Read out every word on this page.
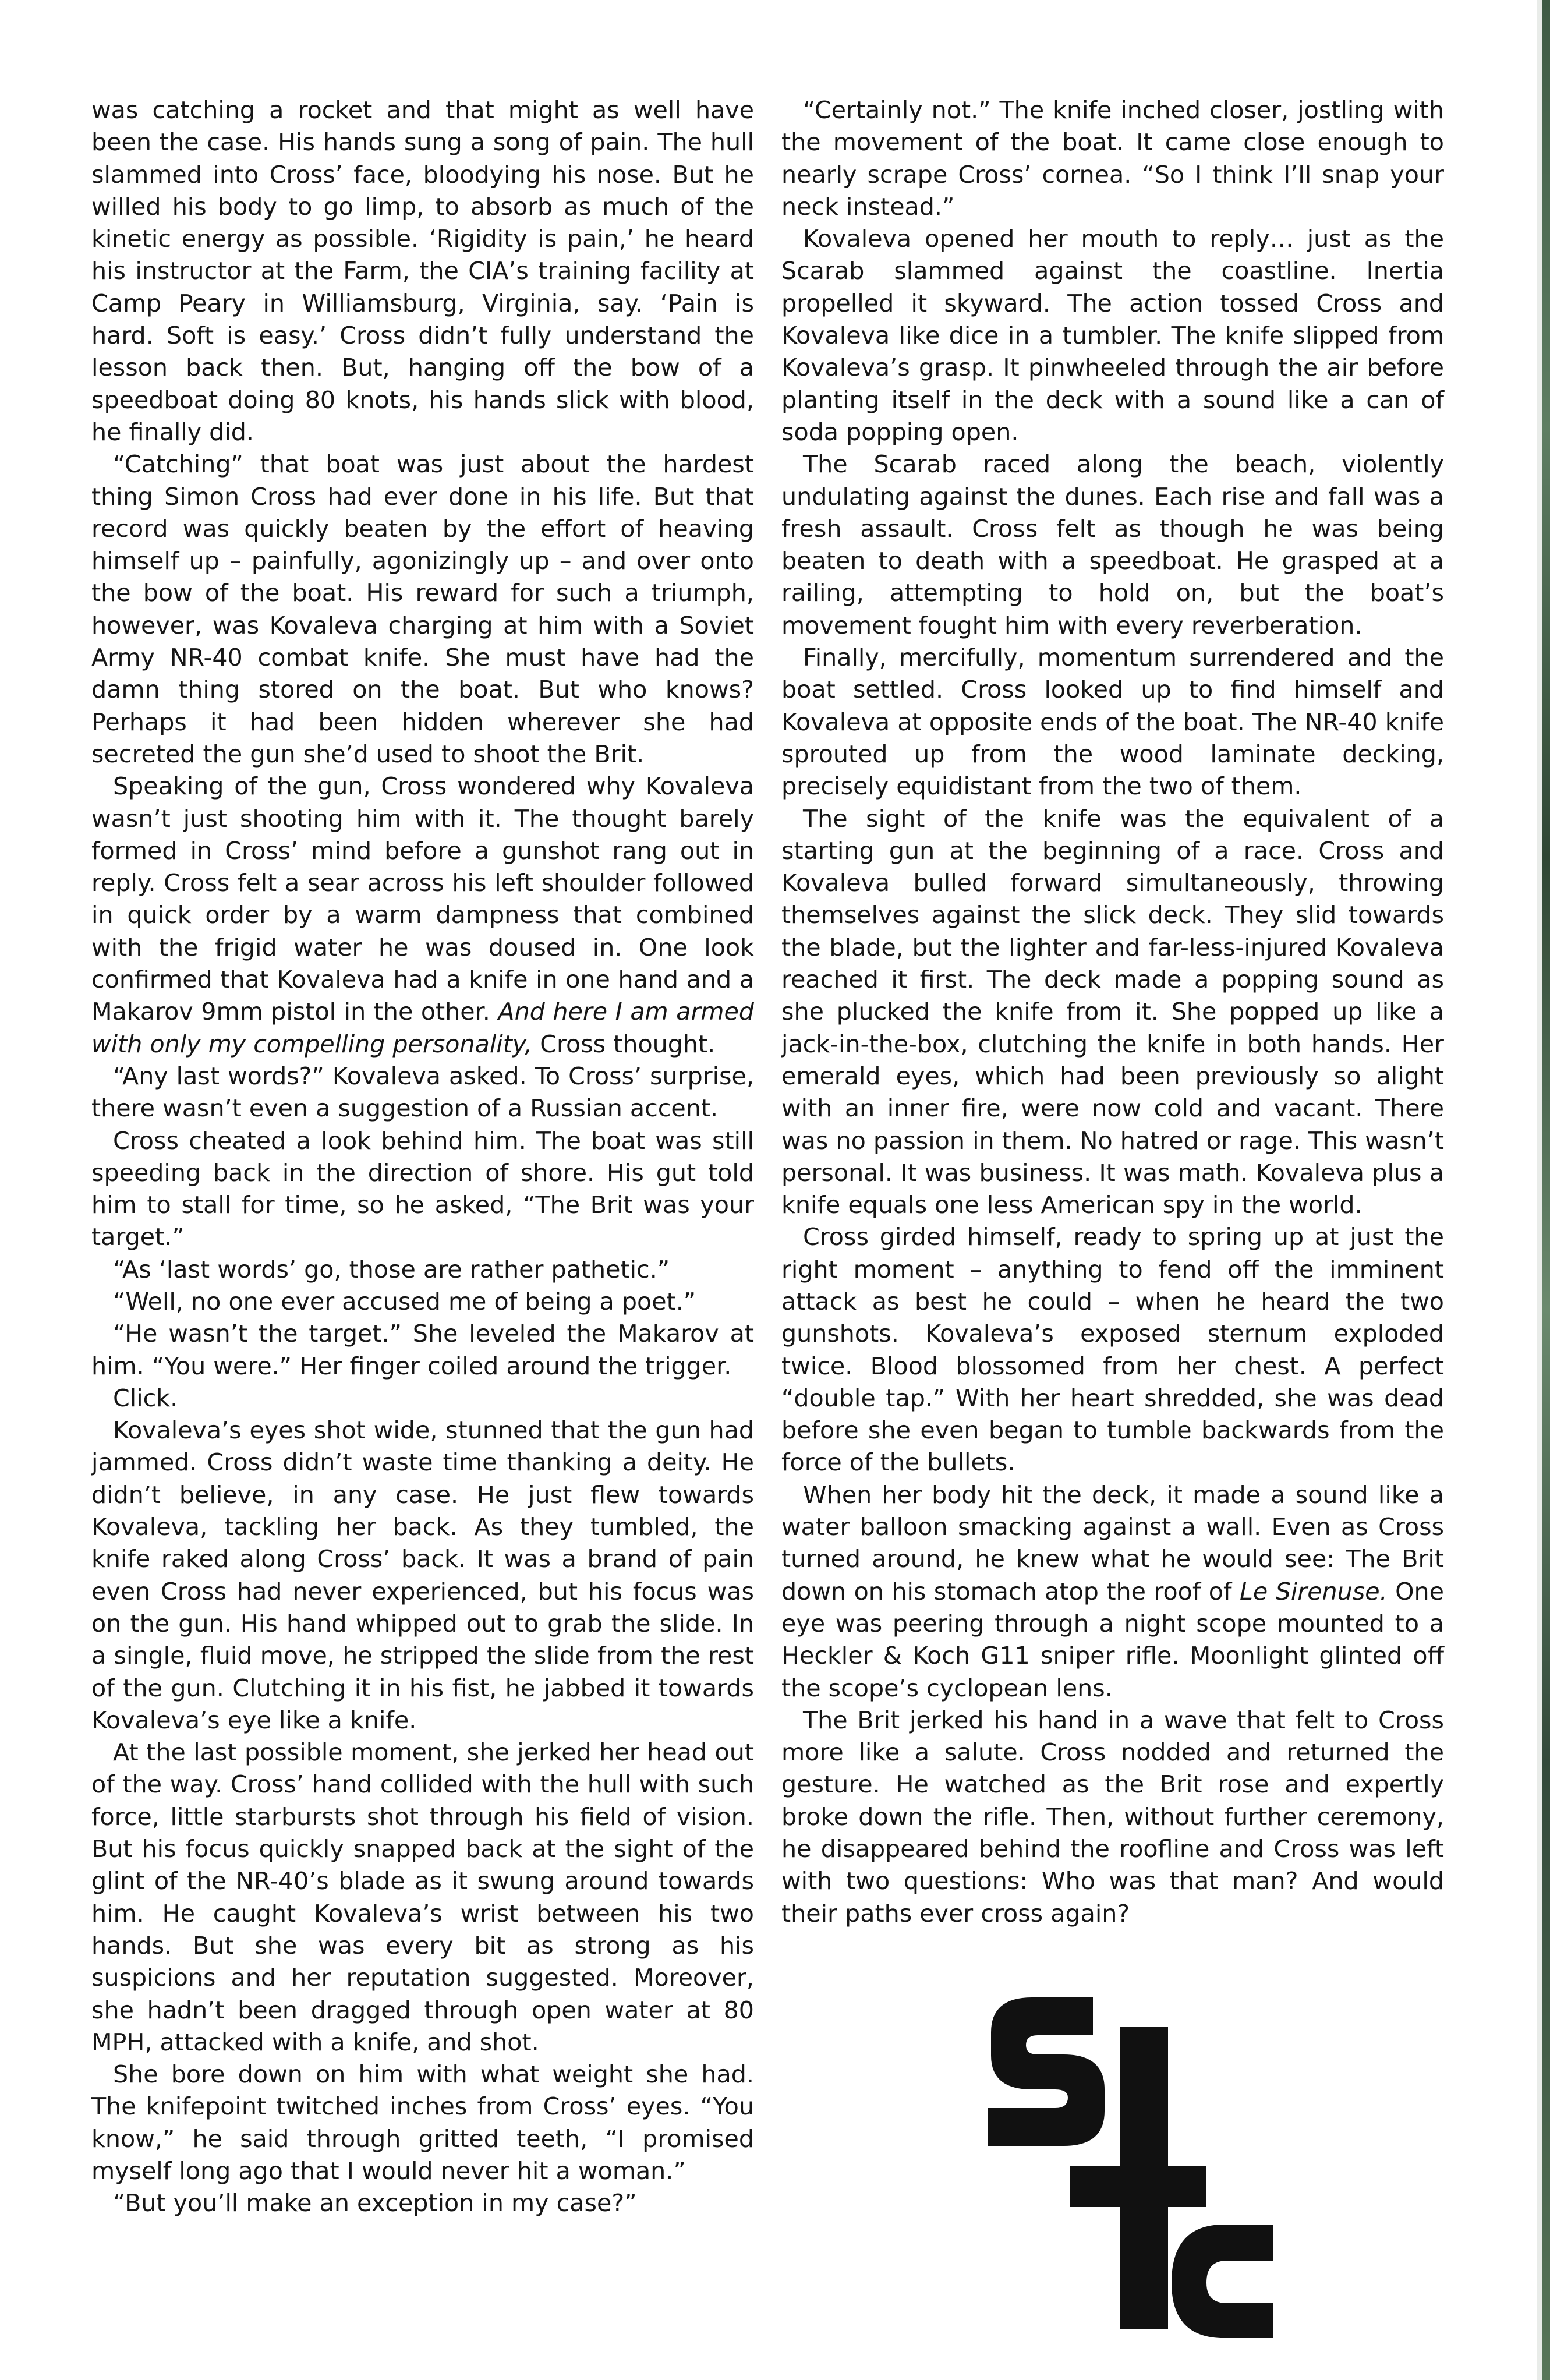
was catching a rocket and that might as well have been the case. His hands sung a song of pain. The hull slammed into Cross’ face, bloodying his nose. But he willed his body to go limp, to absorb as much of the kinetic energy as possible. ‘Rigidity is pain,’ he heard his instructor at the Farm, the CIA’s training facility at Camp Peary in Williamsburg, Virginia, say. ‘Pain is hard. Soft is easy.’ Cross didn’t fully understand the lesson back then. But, hanging off the bow of a speedboat doing 80 knots, his hands slick with blood, he finally did.

“Catching” that boat was just about the hardest thing Simon Cross had ever done in his life. But that record was quickly beaten by the effort of heaving himself up – painfully, agonizingly up – and over onto the bow of the boat. His reward for such a triumph, however, was Kovaleva charging at him with a Soviet Army NR-40 combat knife. She must have had the damn thing stored on the boat. But who knows? Perhaps it had been hidden wherever she had secreted the gun she’d used to shoot the Brit.

Speaking of the gun, Cross wondered why Kovaleva wasn’t just shooting him with it. The thought barely formed in Cross’ mind before a gunshot rang out in reply. Cross felt a sear across his left shoulder followed in quick order by a warm dampness that combined with the frigid water he was doused in. One look confirmed that Kovaleva had a knife in one hand and a Makarov 9mm pistol in the other. And here I am armed with only my compelling personality, Cross thought.

“Any last words?” Kovaleva asked. To Cross’ surprise, there wasn’t even a suggestion of a Russian accent.

Cross cheated a look behind him. The boat was still speeding back in the direction of shore. His gut told him to stall for time, so he asked, “The Brit was your target.”

“As ‘last words’ go, those are rather pathetic.”

“Well, no one ever accused me of being a poet.”

“He wasn’t the target.” She leveled the Makarov at him. “You were.” Her finger coiled around the trigger.

Click.

Kovaleva’s eyes shot wide, stunned that the gun had jammed. Cross didn’t waste time thanking a deity. He didn’t believe, in any case. He just flew towards Kovaleva, tackling her back. As they tumbled, the knife raked along Cross’ back. It was a brand of pain even Cross had never experienced, but his focus was on the gun. His hand whipped out to grab the slide. In a single, fluid move, he stripped the slide from the rest of the gun. Clutching it in his fist, he jabbed it towards Kovaleva’s eye like a knife.

At the last possible moment, she jerked her head out of the way. Cross’ hand collided with the hull with such force, little starbursts shot through his field of vision. But his focus quickly snapped back at the sight of the glint of the NR-40’s blade as it swung around towards him. He caught Kovaleva’s wrist between his two hands. But she was every bit as strong as his suspicions and her reputation suggested. Moreover, she hadn’t been dragged through open water at 80 MPH, attacked with a knife, and shot.

She bore down on him with what weight she had. The knifepoint twitched inches from Cross’ eyes. “You know,” he said through gritted teeth, “I promised myself long ago that I would never hit a woman.”

“But you’ll make an exception in my case?”

“Certainly not.” The knife inched closer, jostling with the movement of the boat. It came close enough to nearly scrape Cross’ cornea. “So I think I’ll snap your neck instead.”

Kovaleva opened her mouth to reply… just as the Scarab slammed against the coastline. Inertia propelled it skyward. The action tossed Cross and Kovaleva like dice in a tumbler. The knife slipped from Kovaleva’s grasp. It pinwheeled through the air before planting itself in the deck with a sound like a can of soda popping open.

The Scarab raced along the beach, violently undulating against the dunes. Each rise and fall was a fresh assault. Cross felt as though he was being beaten to death with a speedboat. He grasped at a railing, attempting to hold on, but the boat’s movement fought him with every reverberation.

Finally, mercifully, momentum surrendered and the boat settled. Cross looked up to find himself and Kovaleva at opposite ends of the boat. The NR-40 knife sprouted up from the wood laminate decking, precisely equidistant from the two of them.

The sight of the knife was the equivalent of a starting gun at the beginning of a race. Cross and Kovaleva bulled forward simultaneously, throwing themselves against the slick deck. They slid towards the blade, but the lighter and far-less-injured Kovaleva reached it first. The deck made a popping sound as she plucked the knife from it. She popped up like a jack-in-the-box, clutching the knife in both hands. Her emerald eyes, which had been previously so alight with an inner fire, were now cold and vacant. There was no passion in them. No hatred or rage. This wasn’t personal. It was business. It was math. Kovaleva plus a knife equals one less American spy in the world.

Cross girded himself, ready to spring up at just the right moment – anything to fend off the imminent attack as best he could – when he heard the two gunshots. Kovaleva’s exposed sternum exploded twice. Blood blossomed from her chest. A perfect “double tap.” With her heart shredded, she was dead before she even began to tumble backwards from the force of the bullets.

When her body hit the deck, it made a sound like a water balloon smacking against a wall. Even as Cross turned around, he knew what he would see: The Brit down on his stomach atop the roof of Le Sirenuse. One eye was peering through a night scope mounted to a Heckler & Koch G11 sniper rifle. Moonlight glinted off the scope’s cyclopean lens.

The Brit jerked his hand in a wave that felt to Cross more like a salute. Cross nodded and returned the gesture. He watched as the Brit rose and expertly broke down the rifle. Then, without further ceremony, he disappeared behind the roofline and Cross was left with two questions: Who was that man? And would their paths ever cross again?
